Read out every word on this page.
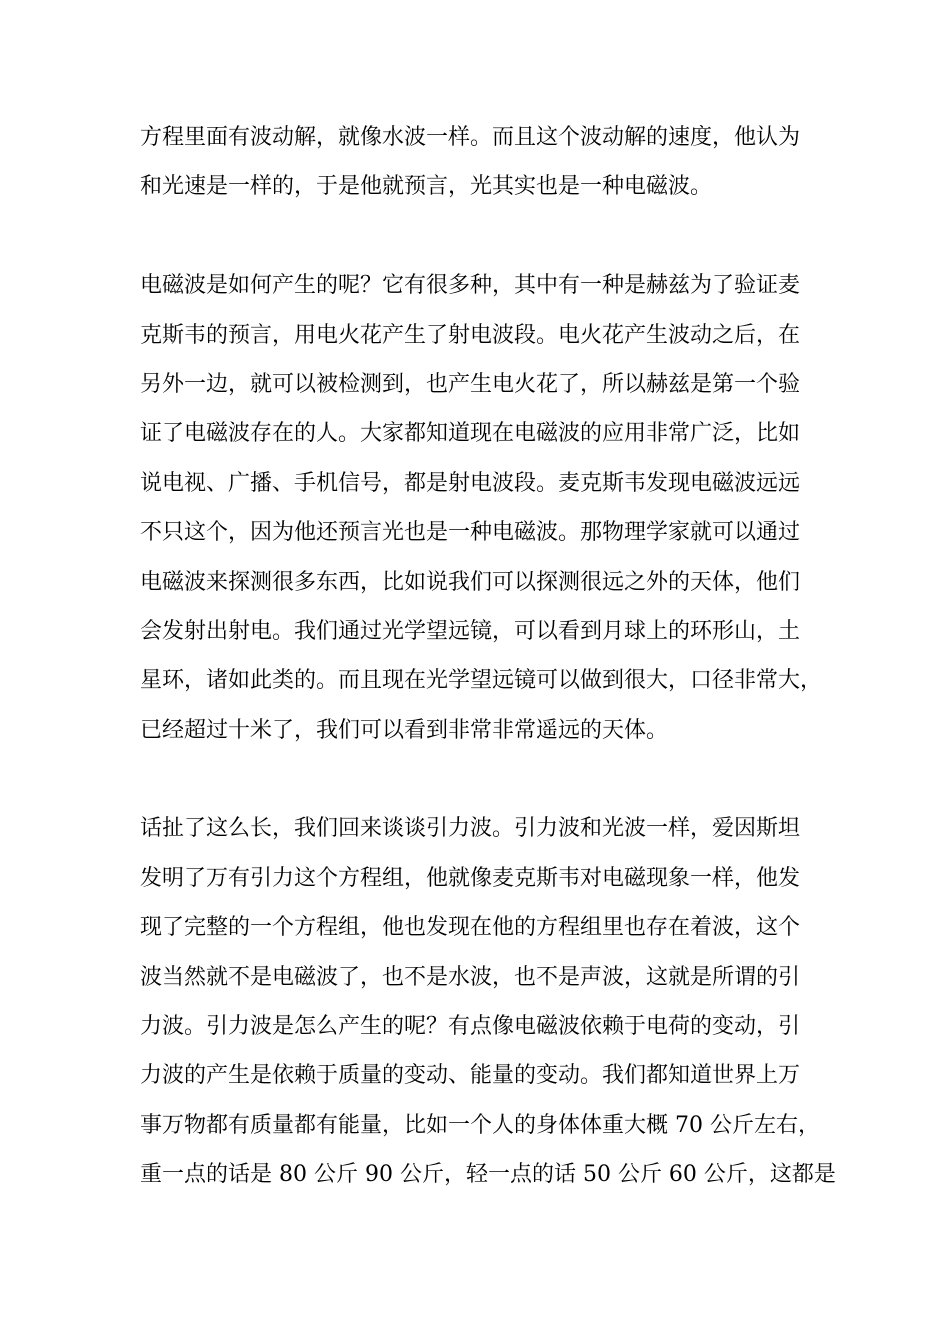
方程里面有波动解，就像水波一样。而且这个波动解的速度，他认为
和光速是一样的，于是他就预言，光其实也是一种电磁波。

电磁波是如何产生的呢？它有很多种，其中有一种是赫兹为了验证麦
克斯韦的预言，用电火花产生了射电波段。电火花产生波动之后，在
另外一边，就可以被检测到，也产生电火花了，所以赫兹是第一个验
证了电磁波存在的人。大家都知道现在电磁波的应用非常广泛，比如
说电视、广播、手机信号，都是射电波段。麦克斯韦发现电磁波远远
不只这个，因为他还预言光也是一种电磁波。那物理学家就可以通过
电磁波来探测很多东西，比如说我们可以探测很远之外的天体，他们
会发射出射电。我们通过光学望远镜，可以看到月球上的环形山，土
星环，诸如此类的。而且现在光学望远镜可以做到很大，口径非常大，
已经超过十米了，我们可以看到非常非常遥远的天体。

话扯了这么长，我们回来谈谈引力波。引力波和光波一样，爱因斯坦
发明了万有引力这个方程组，他就像麦克斯韦对电磁现象一样，他发
现了完整的一个方程组，他也发现在他的方程组里也存在着波，这个
波当然就不是电磁波了，也不是水波，也不是声波，这就是所谓的引
力波。引力波是怎么产生的呢？有点像电磁波依赖于电荷的变动，引
力波的产生是依赖于质量的变动、能量的变动。我们都知道世界上万
事万物都有质量都有能量，比如一个人的身体体重大概 70 公斤左右，
重一点的话是 80 公斤 90 公斤，轻一点的话 50 公斤 60 公斤，这都是
